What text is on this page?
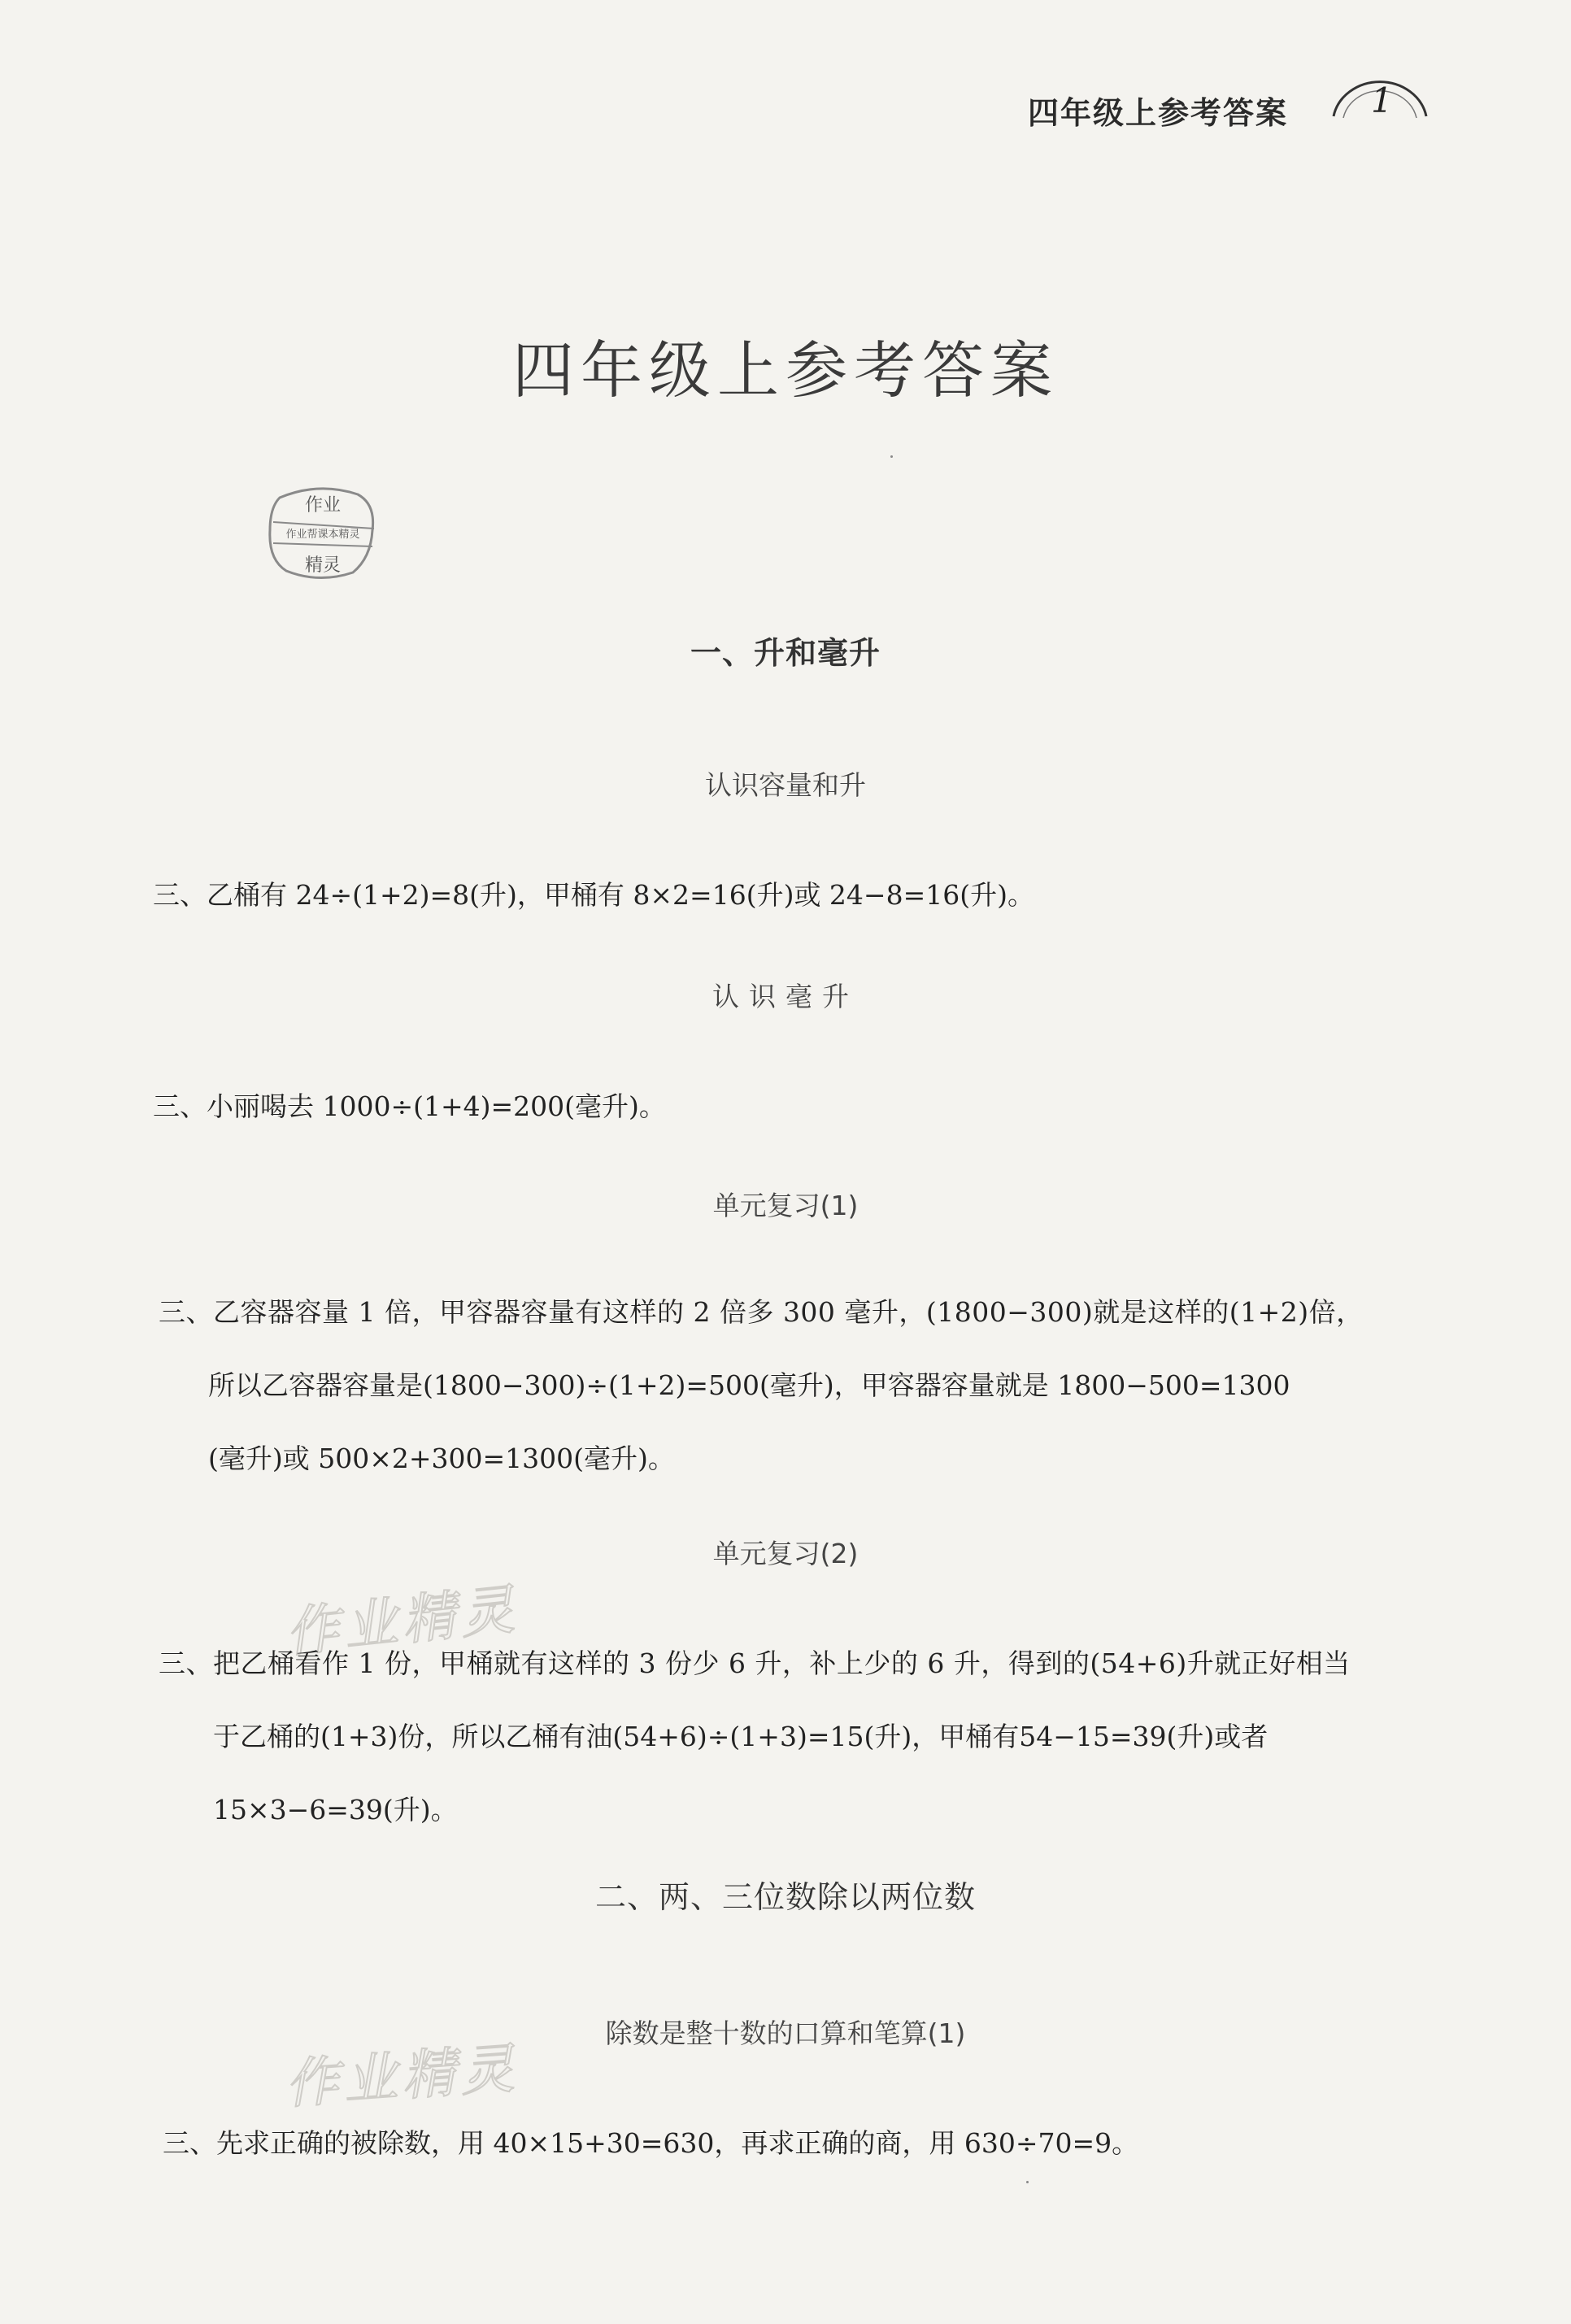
四年级上参考答案 1
四年级上参考答案
作业
作业帮课本精灵
精灵
一、升和毫升
认识容量和升
三、乙桶有 24÷(1+2)=8(升)，甲桶有 8×2=16(升)或 24−8=16(升)。
认识毫升
三、小丽喝去 1000÷(1+4)=200(毫升)。
单元复习(1)
三、乙容器容量 1 倍，甲容器容量有这样的 2 倍多 300 毫升，(1800−300)就是这样的(1+2)倍，
所以乙容器容量是(1800−300)÷(1+2)=500(毫升)，甲容器容量就是 1800−500=1300
(毫升)或 500×2+300=1300(毫升)。
作业精灵
单元复习(2)
三、把乙桶看作 1 份，甲桶就有这样的 3 份少 6 升，补上少的 6 升，得到的(54+6)升就正好相当
于乙桶的(1+3)份，所以乙桶有油(54+6)÷(1+3)=15(升)，甲桶有54−15=39(升)或者
15×3−6=39(升)。
二、两、三位数除以两位数
除数是整十数的口算和笔算(1)
作业精灵
三、先求正确的被除数，用 40×15+30=630，再求正确的商，用 630÷70=9。
